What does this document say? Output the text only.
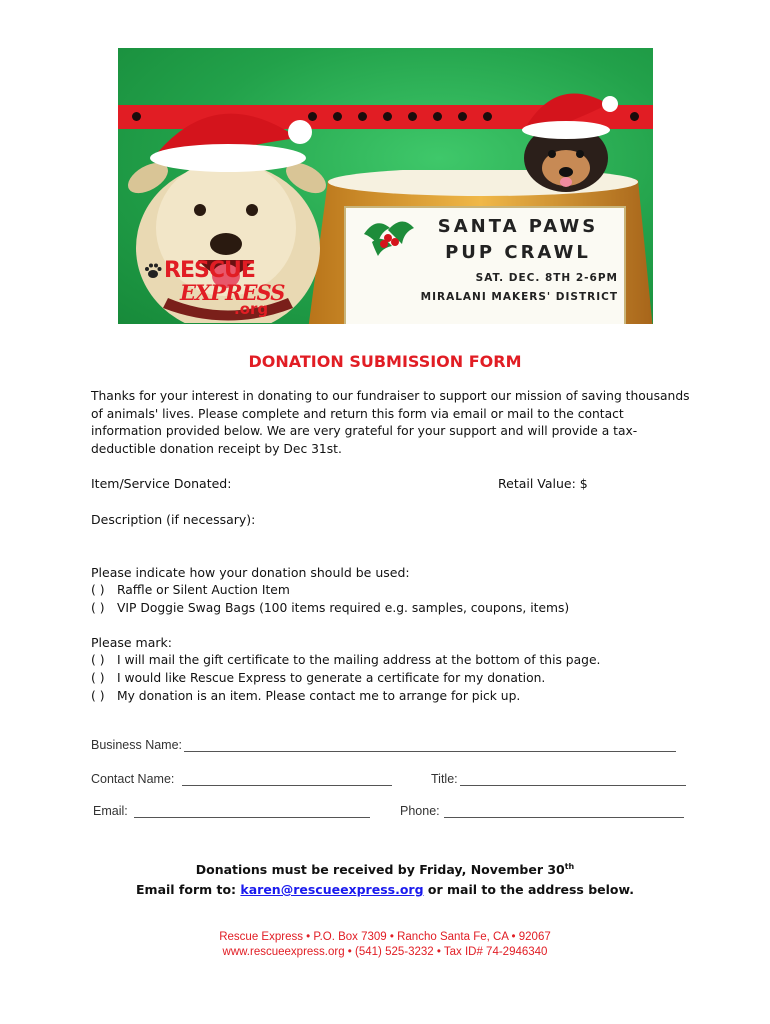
SANTA PAWS
PUP CRAWL
SAT. DEC. 8TH 2-6PM
MIRALANI MAKERS' DISTRICT
RESCUE
EXPRESS
.org
DONATION SUBMISSION FORM
Thanks for your interest in donating to our fundraiser to support our mission of saving thousands of animals' lives. Please complete and return this form via email or mail to the contact information provided below. We are very grateful for your support and will provide a tax-deductible donation receipt by Dec 31st.
Item/Service Donated:	Retail Value: $
Description (if necessary):
Please indicate how your donation should be used:
( ) Raffle or Silent Auction Item
( ) VIP Doggie Swag Bags (100 items required e.g. samples, coupons, items)
Please mark:
( ) I will mail the gift certificate to the mailing address at the bottom of this page.
( ) I would like Rescue Express to generate a certificate for my donation.
( ) My donation is an item. Please contact me to arrange for pick up.
Business Name:
Contact Name:	Title:
Email:	Phone:
Donations must be received by Friday, November 30th
Email form to: karen@rescueexpress.org or mail to the address below.
Rescue Express • P.O. Box 7309 • Rancho Santa Fe, CA • 92067
www.rescueexpress.org • (541) 525-3232 • Tax ID# 74-2946340
